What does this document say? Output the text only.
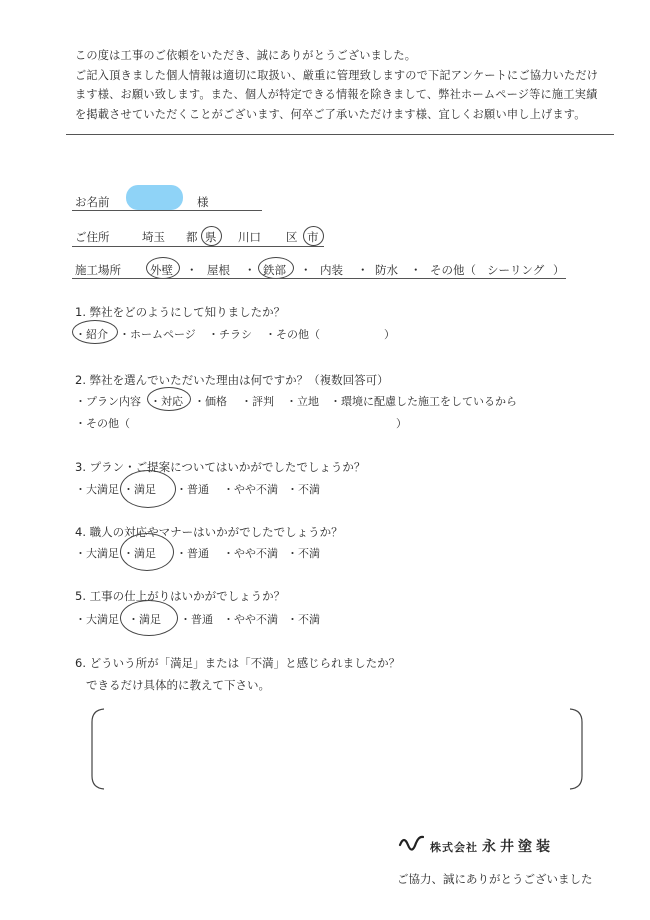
この度は工事のご依頼をいただき、誠にありがとうございました。
ご記入頂きました個人情報は適切に取扱い、厳重に管理致しますので下記アンケートにご協力いただけ
ます様、お願い致します。また、個人が特定できる情報を除きまして、弊社ホームページ等に施工実績
を掲載させていただくことがございます、何卒ご了承いただけます様、宜しくお願い申し上げます。
お名前	様
ご住所	埼玉 都 県 川口 区 市
施工場所	外壁 ・ 屋根 ・ 鉄部 ・ 内装 ・ 防水 ・ その他（ シーリング ）
1. 弊社をどのようにして知りましたか？
・紹介 ・ホームページ ・チラシ ・その他（	）
2. 弊社を選んでいただいた理由は何ですか？（複数回答可）
・プラン内容 ・対応 ・価格 ・評判 ・立地 ・環境に配慮した施工をしているから
・その他（	）
3. プラン・ご提案についてはいかがでしたでしょうか？
・大満足 ・満足 ・普通 ・やや不満 ・不満
4. 職人の対応やマナーはいかがでしたでしょうか？
・大満足 ・満足 ・普通 ・やや不満 ・不満
5. 工事の仕上がりはいかがでしょうか？
・大満足 ・満足 ・普通 ・やや不満 ・不満
6. どういう所が「満足」または「不満」と感じられましたか？
できるだけ具体的に教えて下さい。
株式会社 永井塗装
ご協力、誠にありがとうございました
